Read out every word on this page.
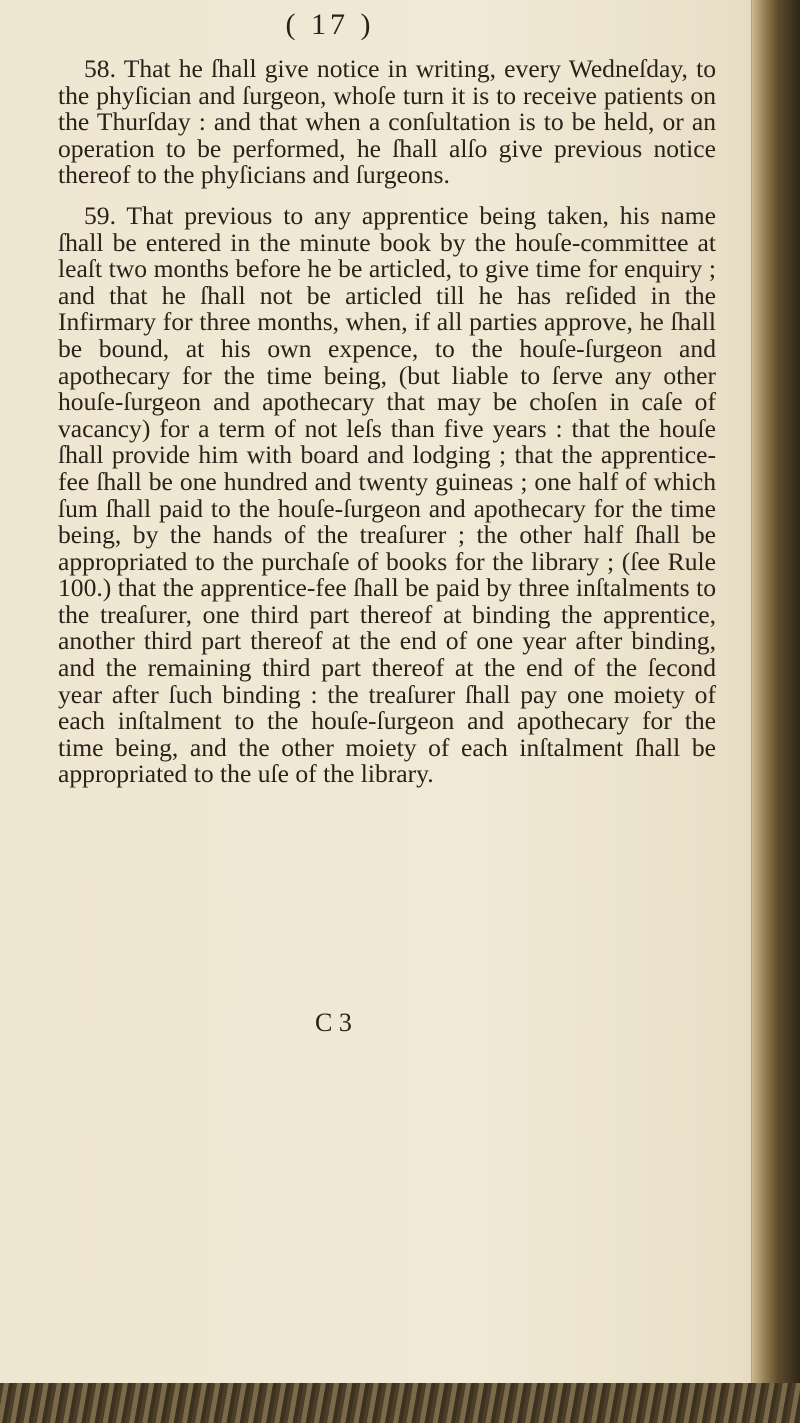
( 17 )

58. That he ſhall give notice in writing, every Wedneſday, to the phyſician and ſurgeon, whoſe turn it is to receive patients on the Thurſday : and that when a conſultation is to be held, or an operation to be performed, he ſhall alſo give previous notice thereof to the phyſicians and ſurgeons.

59. That previous to any apprentice being taken, his name ſhall be entered in the minute book by the houſe-committee at leaſt two months before he be articled, to give time for enquiry ; and that he ſhall not be articled till he has reſided in the Infirmary for three months, when, if all parties approve, he ſhall be bound, at his own expence, to the houſe-ſurgeon and apothecary for the time being, (but liable to ſerve any other houſe-ſurgeon and apothecary that may be choſen in caſe of vacancy) for a term of not leſs than five years : that the houſe ſhall provide him with board and lodging ; that the apprentice-fee ſhall be one hundred and twenty guineas ; one half of which ſum ſhall paid to the houſe-ſurgeon and apothecary for the time being, by the hands of the treaſurer ; the other half ſhall be appropriated to the purchaſe of books for the library ; (ſee Rule 100.) that the apprentice-fee ſhall be paid by three inſtalments to the treaſurer, one third part thereof at binding the apprentice, another third part thereof at the end of one year after binding, and the remaining third part thereof at the end of the ſecond year after ſuch binding : the treaſurer ſhall pay one moiety of each inſtalment to the houſe-ſurgeon and apothecary for the time being, and the other moiety of each inſtalment ſhall be appropriated to the uſe of the library.

C 3
